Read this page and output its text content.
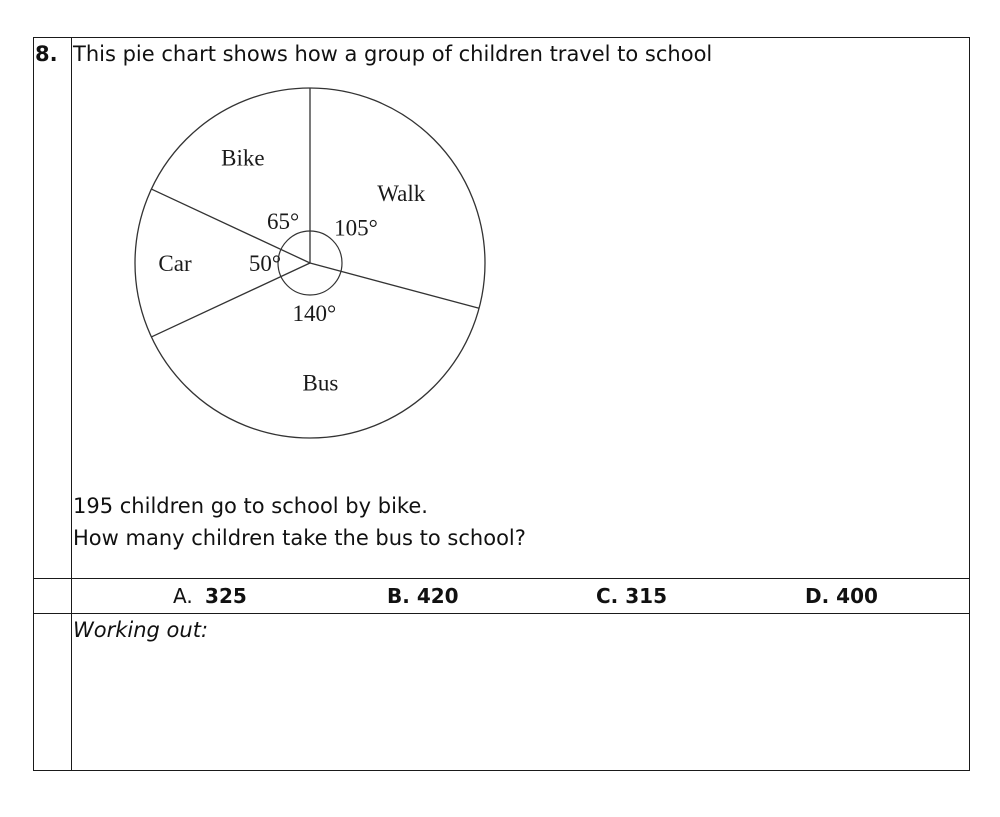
8. This pie chart shows how a group of children travel to school
Walk
105°
Bus
140°
Car 50°
Bike
65°
195 children go to school by bike.
How many children take the bus to school?
A. 325	B. 420	C. 315	D. 400
Working out:
